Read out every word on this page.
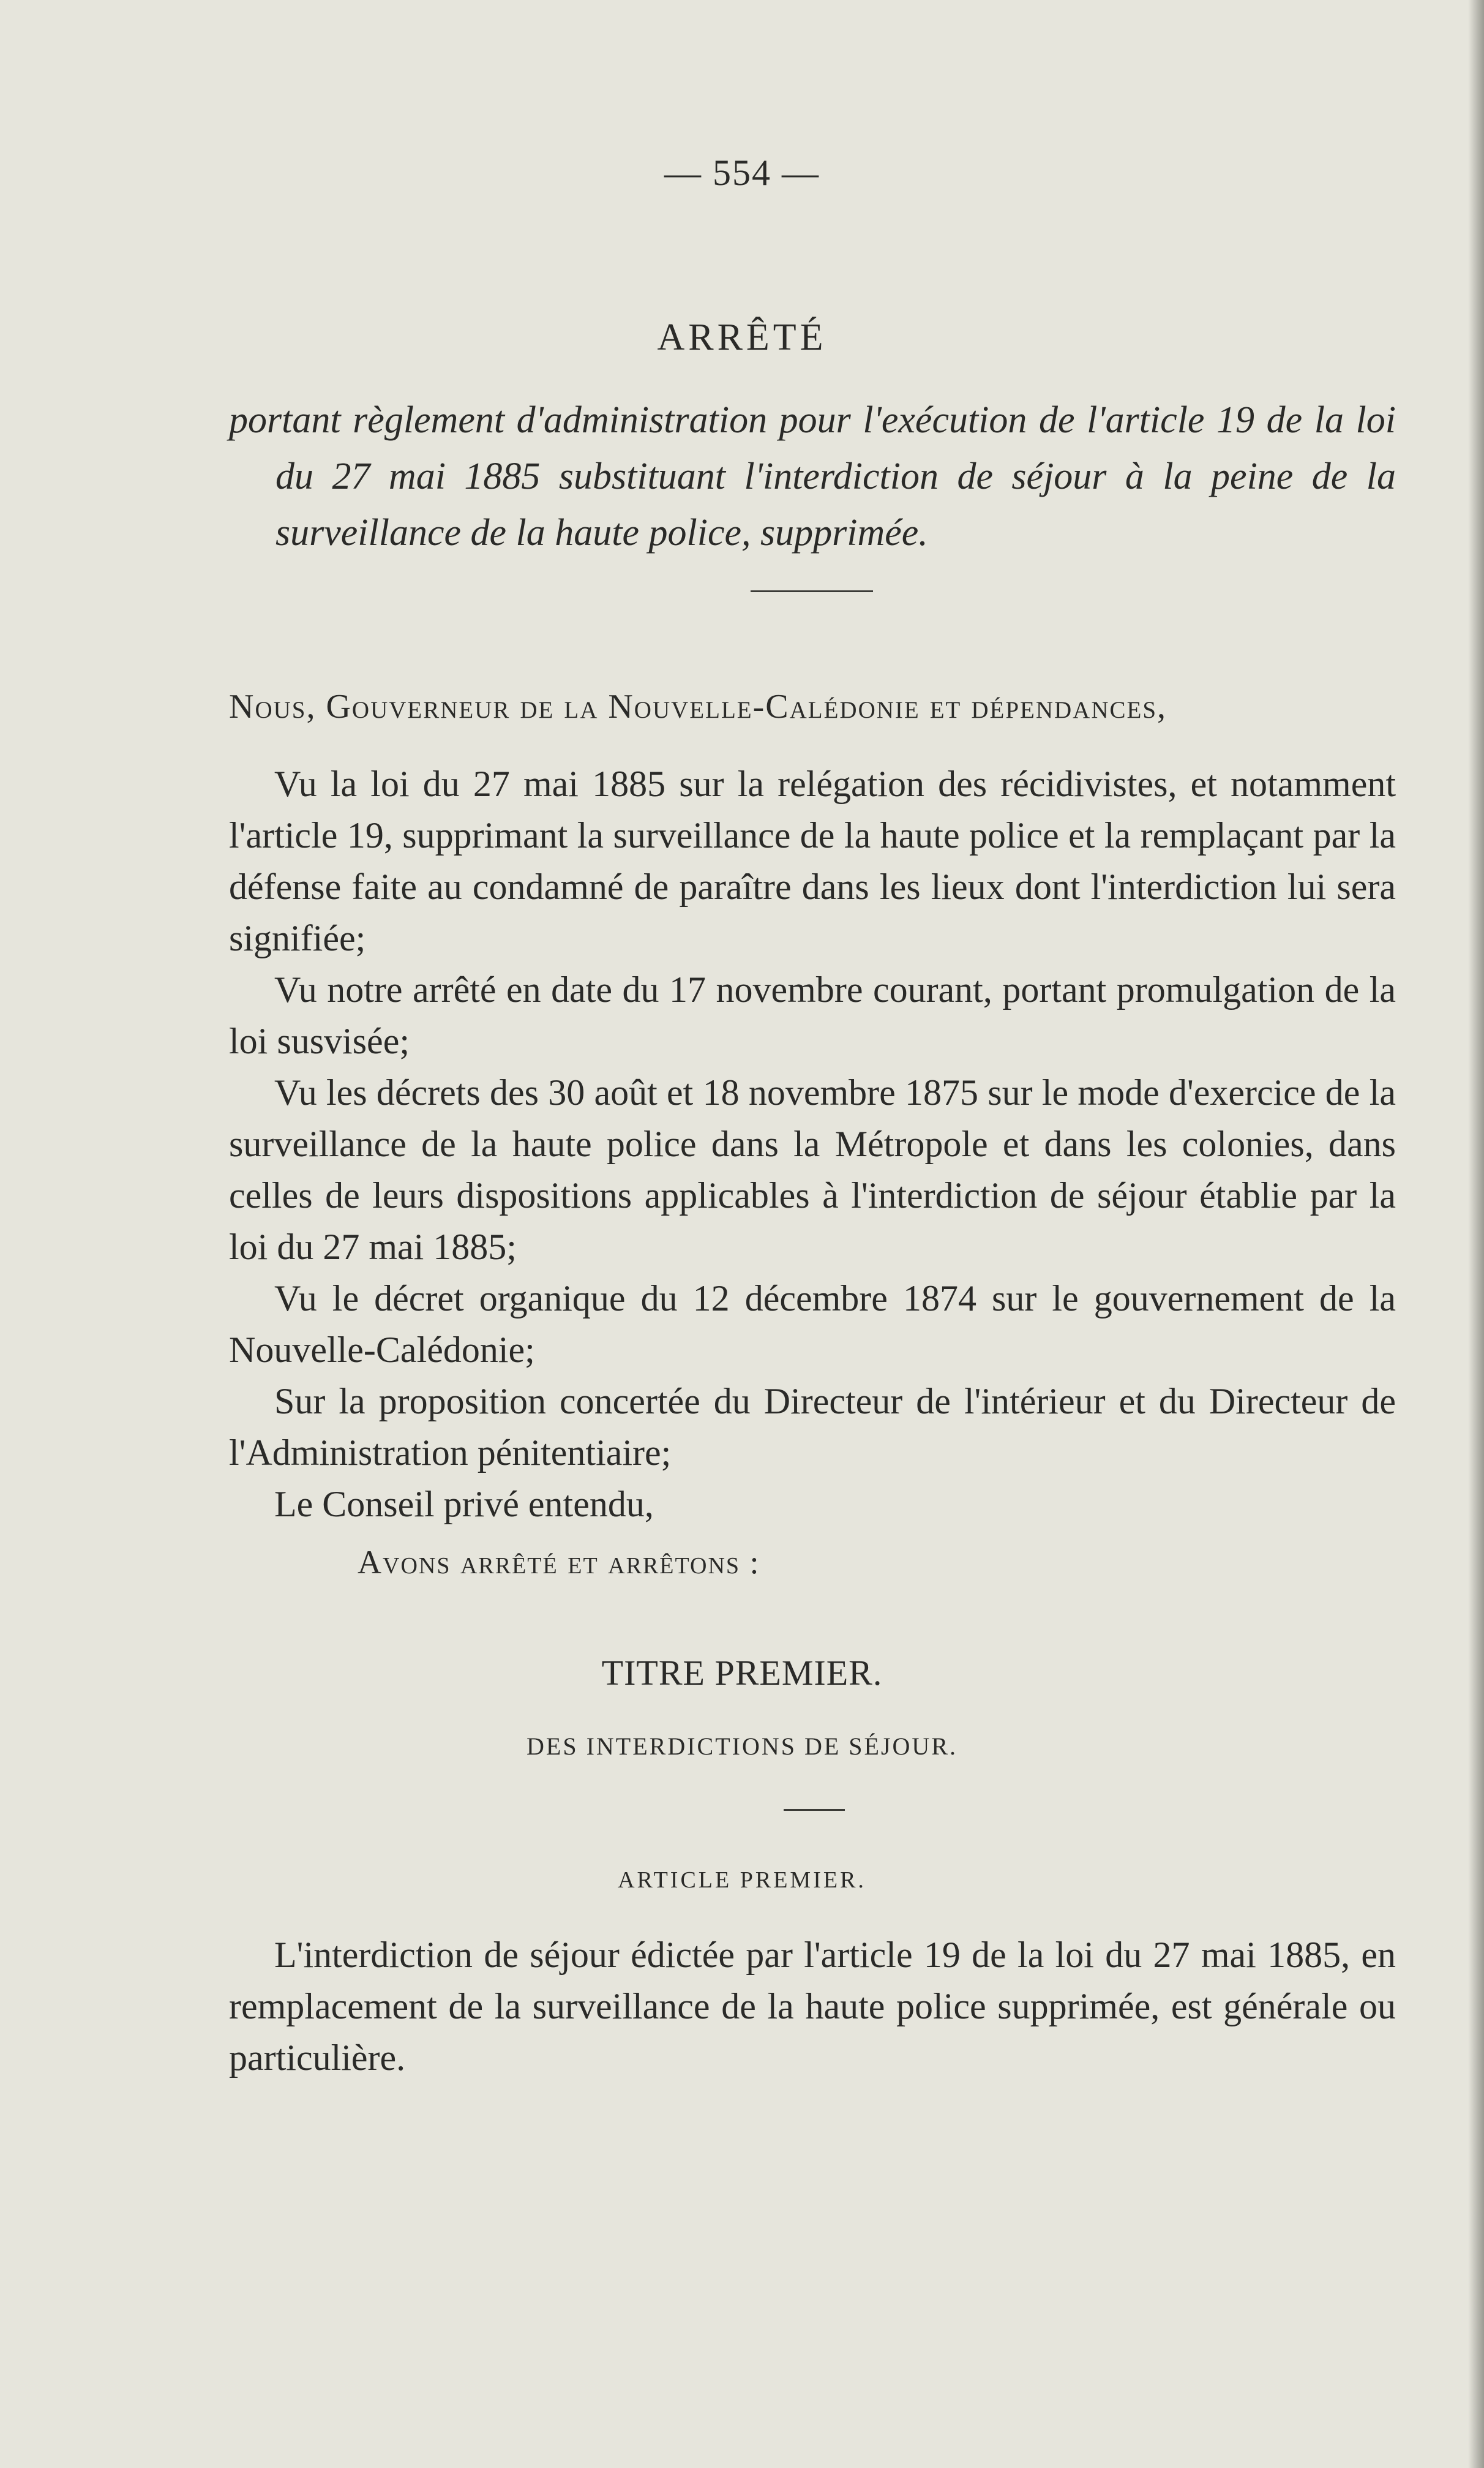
— 554 —
ARRÊTÉ

portant règlement d'administration pour l'exécution de l'article 19 de la loi du 27 mai 1885 substituant l'interdiction de séjour à la peine de la surveillance de la haute police, supprimée.

Nous, Gouverneur de la Nouvelle-Calédonie et dépendances,

Vu la loi du 27 mai 1885 sur la relégation des récidivistes, et notamment l'article 19, supprimant la surveillance de la haute police et la remplaçant par la défense faite au condamné de paraître dans les lieux dont l'interdiction lui sera signifiée;

Vu notre arrêté en date du 17 novembre courant, portant promulgation de la loi susvisée;

Vu les décrets des 30 août et 18 novembre 1875 sur le mode d'exercice de la surveillance de la haute police dans la Métropole et dans les colonies, dans celles de leurs dispositions applicables à l'interdiction de séjour établie par la loi du 27 mai 1885;

Vu le décret organique du 12 décembre 1874 sur le gouvernement de la Nouvelle-Calédonie;

Sur la proposition concertée du Directeur de l'intérieur et du Directeur de l'Administration pénitentiaire;

Le Conseil privé entendu,

Avons arrêté et arrêtons :

TITRE PREMIER.
DES INTERDICTIONS DE SÉJOUR.
ARTICLE PREMIER.

L'interdiction de séjour édictée par l'article 19 de la loi du 27 mai 1885, en remplacement de la surveillance de la haute police supprimée, est générale ou particulière.
